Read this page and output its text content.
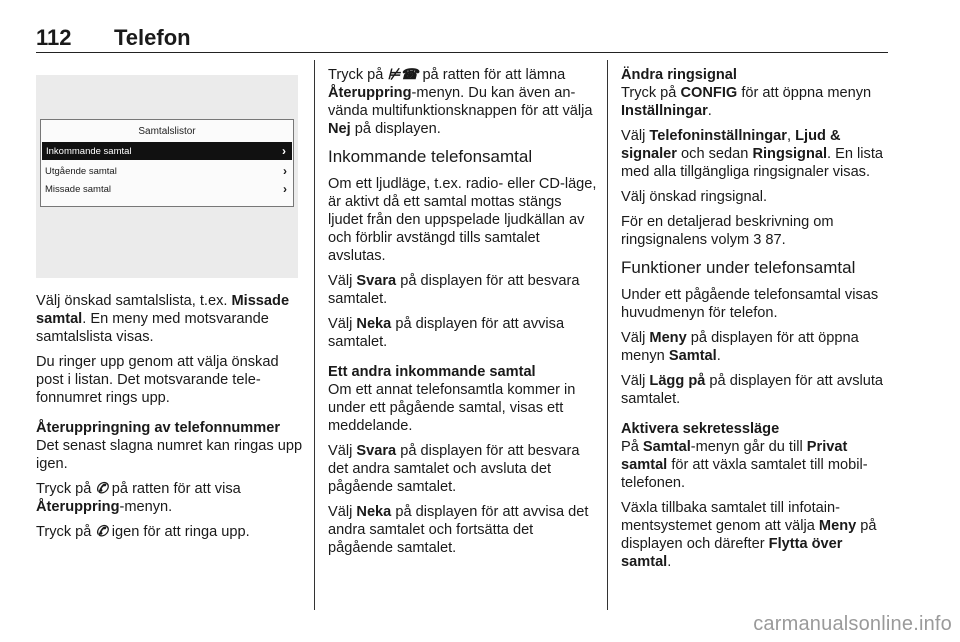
112	Telefon
Samtalslistor
Inkommande samtal	›
Utgående samtal	›
Missade samtal	›

Välj önskad samtalslista, t.ex. Missade samtal. En meny med motsvarande samtalslista visas.

Du ringer upp genom att välja önskad post i listan. Det motsvarande telefonnumret rings upp.

Återuppringning av telefonnummer

Det senast slagna numret kan ringas upp igen.

Tryck på ✆ på ratten för att visa Återuppring-menyn.

Tryck på ✆ igen för att ringa upp.

Tryck på ⊭☎ på ratten för att lämna Återuppring-menyn. Du kan även använda multifunktionsknappen för att välja Nej på displayen.

Inkommande telefonsamtal

Om ett ljudläge, t.ex. radio- eller CD-läge, är aktivt då ett samtal mottas stängs ljudet från den uppspelade ljudkällan av och förblir avstängd tills samtalet avslutas.

Välj Svara på displayen för att besvara samtalet.

Välj Neka på displayen för att avvisa samtalet.

Ett andra inkommande samtal

Om ett annat telefonsamtla kommer in under ett pågående samtal, visas ett meddelande.

Välj Svara på displayen för att besvara det andra samtalet och avsluta det pågående samtalet.

Välj Neka på displayen för att avvisa det andra samtalet och fortsätta det pågående samtalet.

Ändra ringsignal

Tryck på CONFIG för att öppna menyn Inställningar.

Välj Telefoninställningar, Ljud & signaler och sedan Ringsignal. En lista med alla tillgängliga ringsignaler visas.

Välj önskad ringsignal.

För en detaljerad beskrivning om ringsignalens volym 3 87.

Funktioner under telefonsamtal

Under ett pågående telefonsamtal visas huvudmenyn för telefon.

Välj Meny på displayen för att öppna menyn Samtal.

Välj Lägg på på displayen för att avsluta samtalet.

Aktivera sekretessläge

På Samtal-menyn går du till Privat samtal för att växla samtalet till mobiltelefonen.

Växla tillbaka samtalet till infotainmentsystemet genom att välja Meny på displayen och därefter Flytta över samtal.

carmanualsonline.info
